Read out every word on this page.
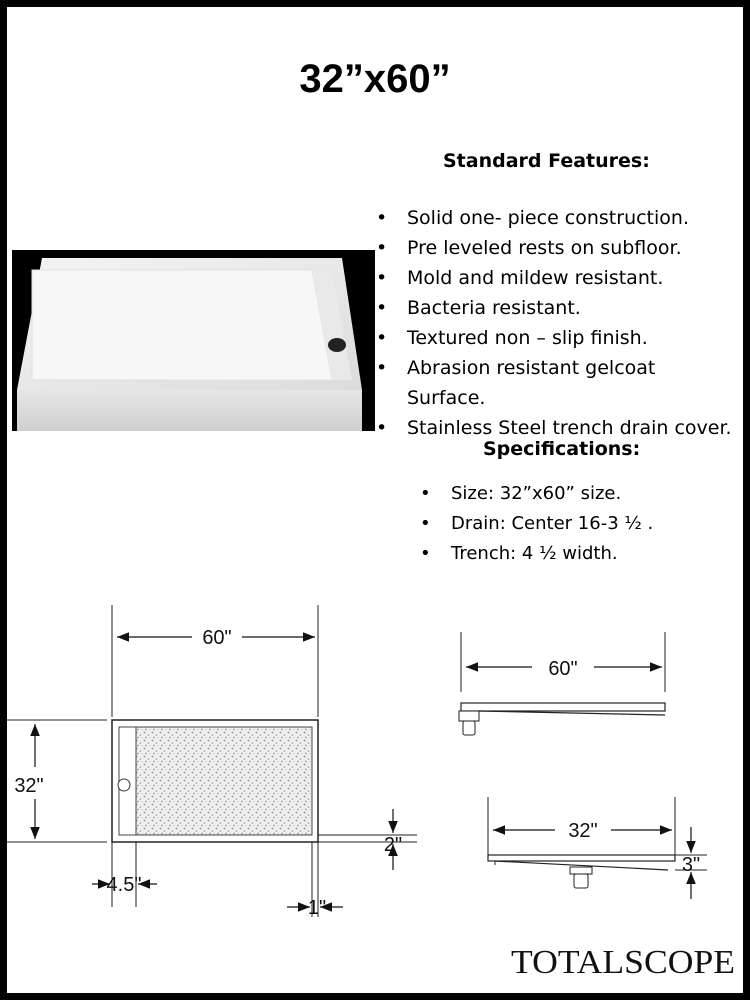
32”x60”

Standard Features:

• Solid one- piece construction.
• Pre leveled rests on subfloor.
• Mold and mildew resistant.
• Bacteria resistant.
• Textured non – slip finish.
• Abrasion resistant gelcoat
Surface.
• Stainless Steel trench drain cover.

Specifications:

• Size: 32”x60” size.
• Drain: Center 16-3 ½ .
• Trench: 4 ½ width.
60"
32"
4.5"
1"
2"
60"
32"
3"
TOTALSCOPE
